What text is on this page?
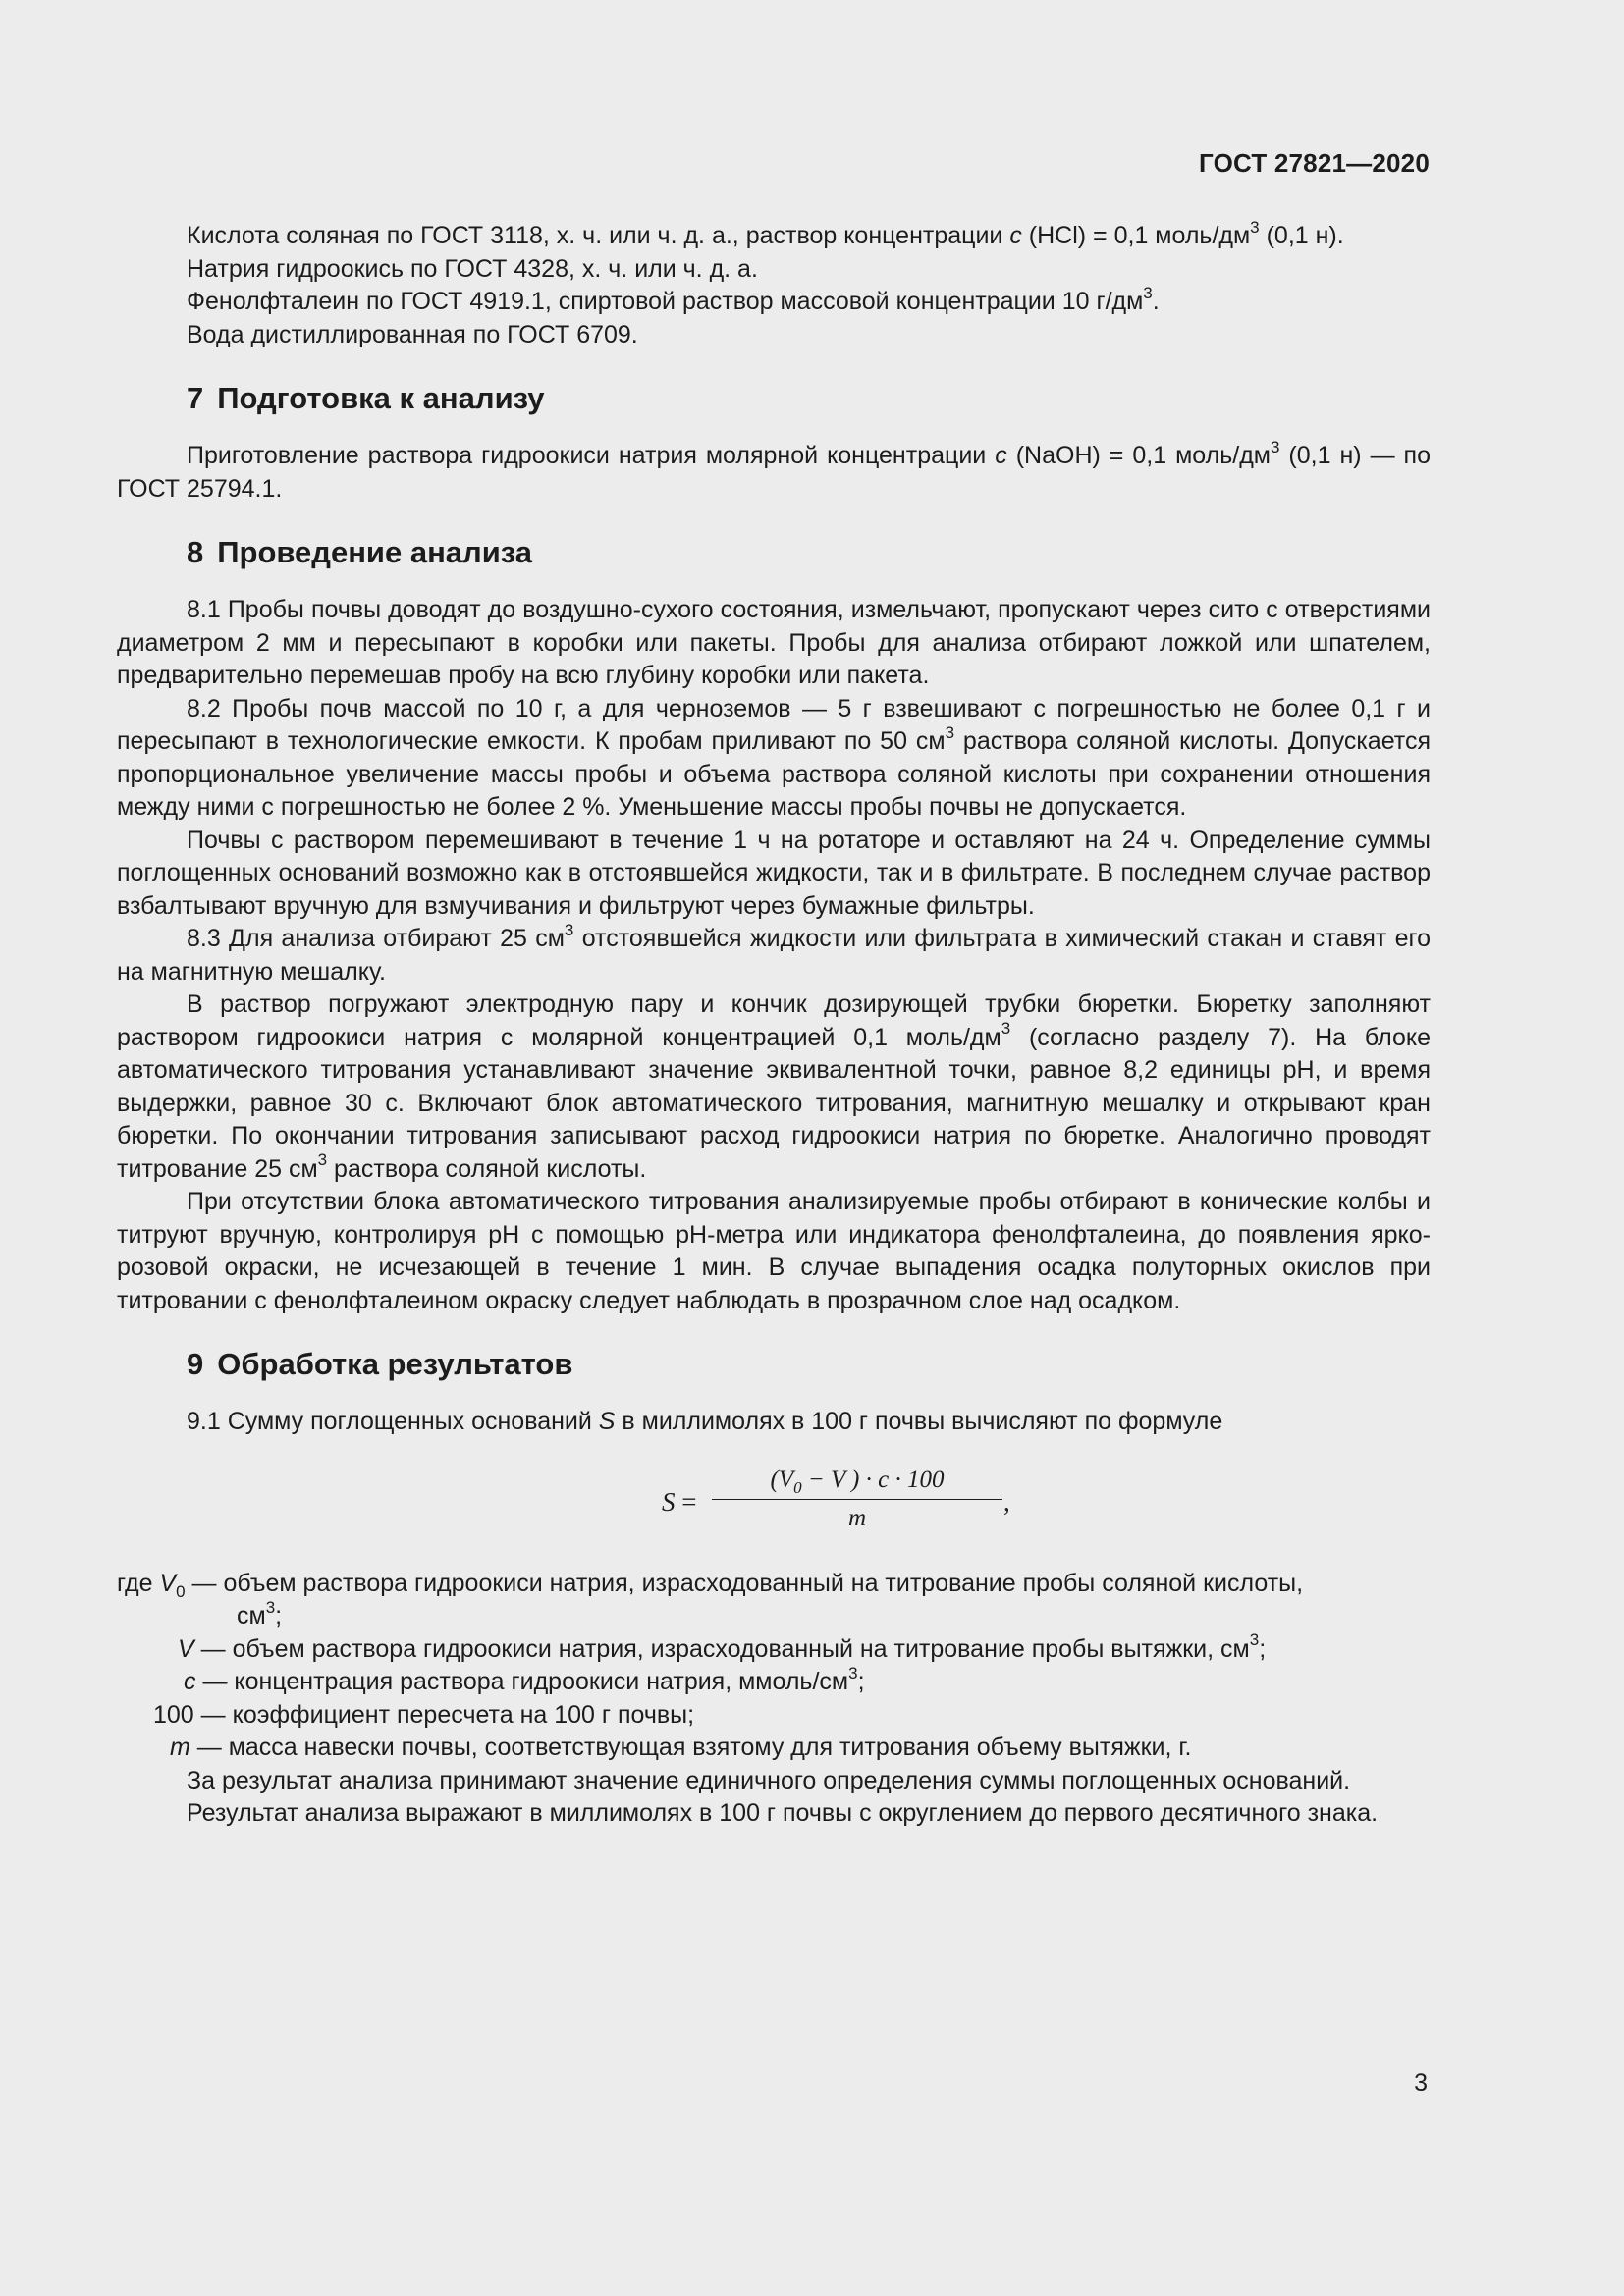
ГОСТ 27821—2020

Кислота соляная по ГОСТ 3118, х. ч. или ч. д. а., раствор концентрации c (HCl) = 0,1 моль/$дм^3$ (0,1 н).

Натрия гидроокись по ГОСТ 4328, х. ч. или ч. д. а.

Фенолфталеин по ГОСТ 4919.1, спиртовой раствор массовой концентрации 10 $г/дм^3$.

Вода дистиллированная по ГОСТ 6709.

7 Подготовка к анализу

Приготовление раствора гидроокиси натрия молярной концентрации c (NaOH) = 0,1 моль/$дм^3$ (0,1 н) — по ГОСТ 25794.1.

8 Проведение анализа

8.1 Пробы почвы доводят до воздушно-сухого состояния, измельчают, пропускают через сито с отверстиями диаметром 2 мм и пересыпают в коробки или пакеты. Пробы для анализа отбирают ложкой или шпателем, предварительно перемешав пробу на всю глубину коробки или пакета.

8.2 Пробы почв массой по 10 г, а для черноземов — 5 г взвешивают с погрешностью не более 0,1 г и пересыпают в технологические емкости. К пробам приливают по 50 $см^3$ раствора соляной кислоты. Допускается пропорциональное увеличение массы пробы и объема раствора соляной кислоты при сохранении отношения между ними с погрешностью не более 2 %. Уменьшение массы пробы почвы не допускается.

Почвы с раствором перемешивают в течение 1 ч на ротаторе и оставляют на 24 ч. Определение суммы поглощенных оснований возможно как в отстоявшейся жидкости, так и в фильтрате. В последнем случае раствор взбалтывают вручную для взмучивания и фильтруют через бумажные фильтры.

8.3 Для анализа отбирают 25 $см^3$ отстоявшейся жидкости или фильтрата в химический стакан и ставят его на магнитную мешалку.

В раствор погружают электродную пару и кончик дозирующей трубки бюретки. Бюретку заполняют раствором гидроокиси натрия с молярной концентрацией 0,1 моль/$дм^3$ (согласно разделу 7). На блоке автоматического титрования устанавливают значение эквивалентной точки, равное 8,2 единицы pH, и время выдержки, равное 30 с. Включают блок автоматического титрования, магнитную мешалку и открывают кран бюретки. По окончании титрования записывают расход гидроокиси натрия по бюретке. Аналогично проводят титрование 25 $см^3$ раствора соляной кислоты.

При отсутствии блока автоматического титрования анализируемые пробы отбирают в конические колбы и титруют вручную, контролируя pH с помощью pH-метра или индикатора фенолфталеина, до появления ярко-розовой окраски, не исчезающей в течение 1 мин. В случае выпадения осадка полуторных окислов при титровании с фенолфталеином окраску следует наблюдать в прозрачном слое над осадком.

9 Обработка результатов

9.1 Сумму поглощенных оснований S в миллимолях в 100 г почвы вычисляют по формуле

$S = \frac{(V_0 - V ) \cdot c \cdot 100}{m}$ ,

где $V_0$ — объем раствора гидроокиси натрия, израсходованный на титрование пробы соляной кислоты,

$см^3$;

V — объем раствора гидроокиси натрия, израсходованный на титрование пробы вытяжки, $см^3$;

c — концентрация раствора гидроокиси натрия, ммоль/$см^3$;

100 — коэффициент пересчета на 100 г почвы;

m — масса навески почвы, соответствующая взятому для титрования объему вытяжки, г.

За результат анализа принимают значение единичного определения суммы поглощенных оснований.

Результат анализа выражают в миллимолях в 100 г почвы с округлением до первого десятичного знака.

3
